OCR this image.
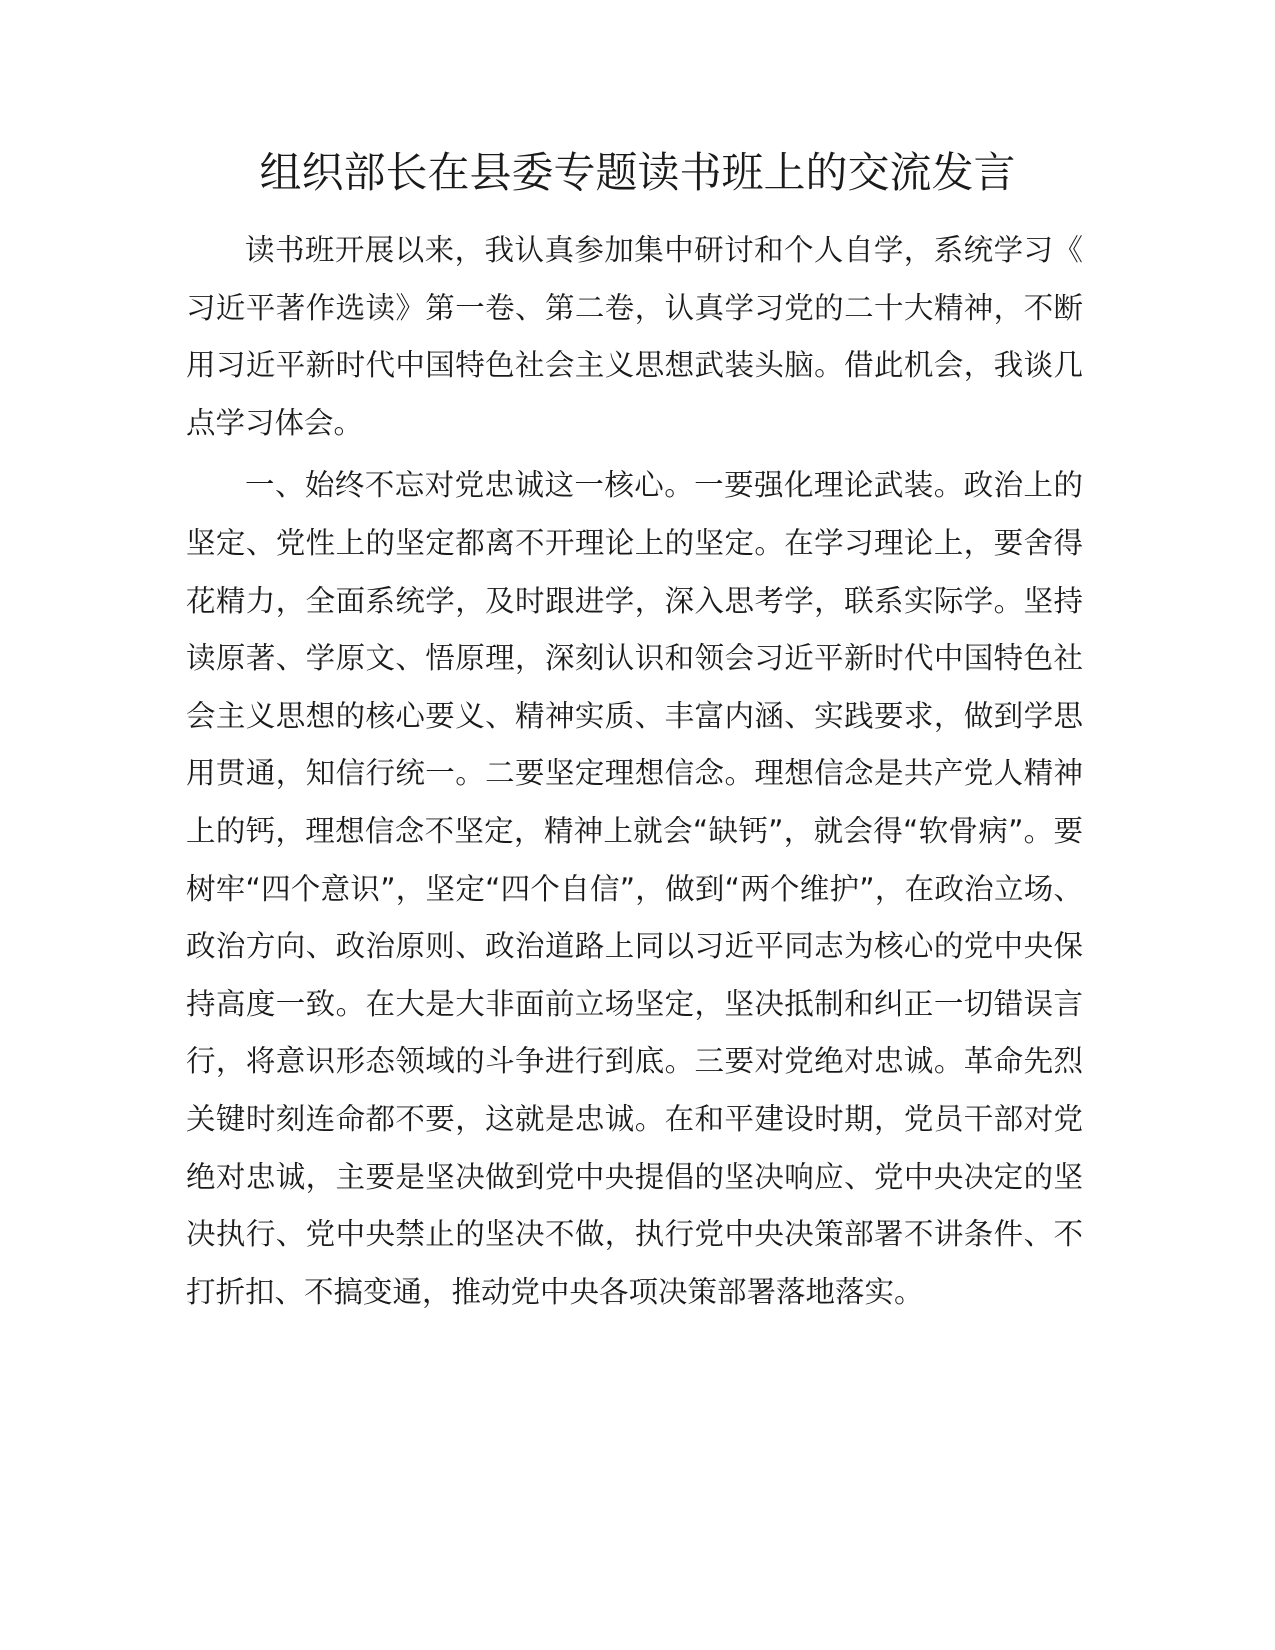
组织部长在县委专题读书班上的交流发言

读书班开展以来，我认真参加集中研讨和个人自学，系统学习《习近平著作选读》第一卷、第二卷，认真学习党的二十大精神，不断用习近平新时代中国特色社会主义思想武装头脑。借此机会，我谈几点学习体会。

一、始终不忘对党忠诚这一核心。一要强化理论武装。政治上的坚定、党性上的坚定都离不开理论上的坚定。在学习理论上，要舍得花精力，全面系统学，及时跟进学，深入思考学，联系实际学。坚持读原著、学原文、悟原理，深刻认识和领会习近平新时代中国特色社会主义思想的核心要义、精神实质、丰富内涵、实践要求，做到学思用贯通，知信行统一。二要坚定理想信念。理想信念是共产党人精神上的钙，理想信念不坚定，精神上就会“缺钙”，就会得“软骨病”。要树牢“四个意识”，坚定“四个自信”，做到“两个维护”，在政治立场、政治方向、政治原则、政治道路上同以习近平同志为核心的党中央保持高度一致。在大是大非面前立场坚定，坚决抵制和纠正一切错误言行，将意识形态领域的斗争进行到底。三要对党绝对忠诚。革命先烈关键时刻连命都不要，这就是忠诚。在和平建设时期，党员干部对党绝对忠诚，主要是坚决做到党中央提倡的坚决响应、党中央决定的坚决执行、党中央禁止的坚决不做，执行党中央决策部署不讲条件、不打折扣、不搞变通，推动党中央各项决策部署落地落实。
